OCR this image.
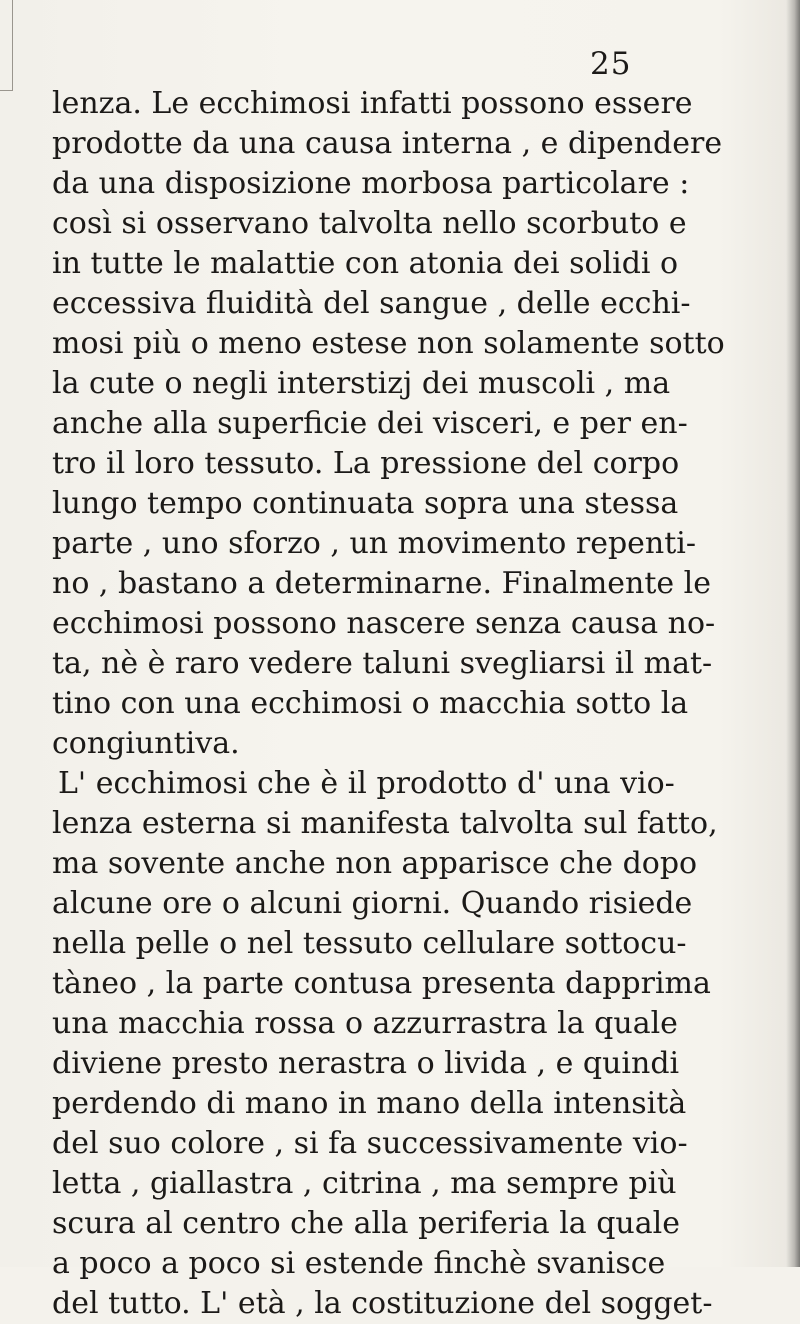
25
lenza. Le ecchimosi infatti possono essere
prodotte da una causa interna , e dipendere
da una disposizione morbosa particolare :
così si osservano talvolta nello scorbuto e
in tutte le malattie con atonia dei solidi o
eccessiva fluidità del sangue , delle ecchi-
mosi più o meno estese non solamente sotto
la cute o negli interstizj dei muscoli , ma
anche alla superficie dei visceri, e per en-
tro il loro tessuto. La pressione del corpo
lungo tempo continuata sopra una stessa
parte , uno sforzo , un movimento repenti-
no , bastano a determinarne. Finalmente le
ecchimosi possono nascere senza causa no-
ta, nè è raro vedere taluni svegliarsi il mat-
tino con una ecchimosi o macchia sotto la
congiuntiva.
L' ecchimosi che è il prodotto d' una vio-
lenza esterna si manifesta talvolta sul fatto,
ma sovente anche non apparisce che dopo
alcune ore o alcuni giorni. Quando risiede
nella pelle o nel tessuto cellulare sottocu-
tàneo , la parte contusa presenta dapprima
una macchia rossa o azzurrastra la quale
diviene presto nerastra o livida , e quindi
perdendo di mano in mano della intensità
del suo colore , si fa successivamente vio-
letta , giallastra , citrina , ma sempre più
scura al centro che alla periferia la quale
a poco a poco si estende finchè svanisce
del tutto. L' età , la costituzione del sogget-
